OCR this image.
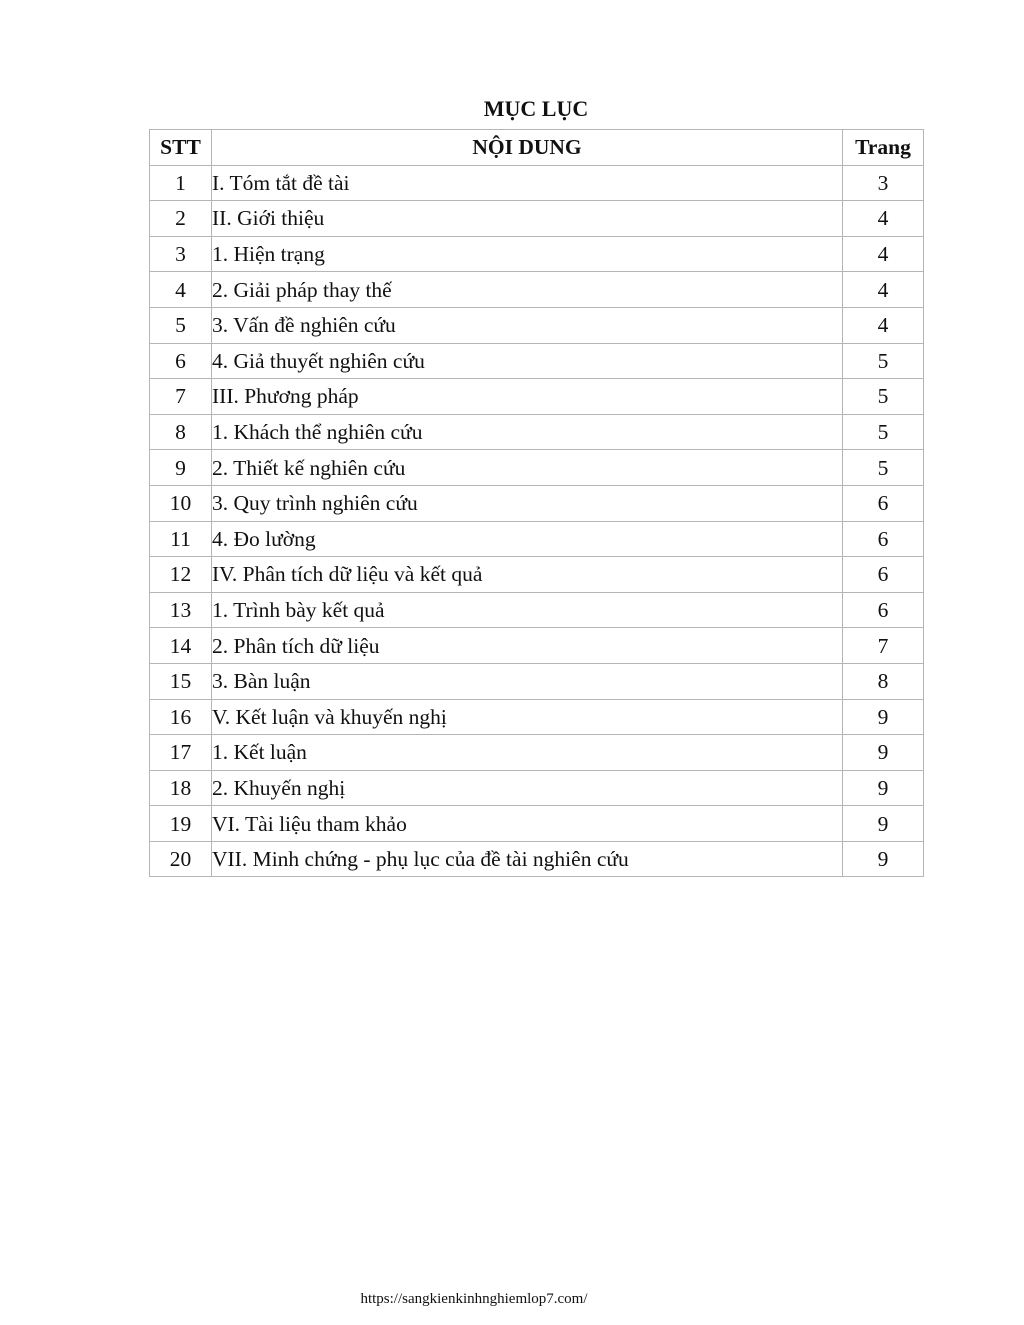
MỤC LỤC
STT	NỘI DUNG	Trang
1	I. Tóm tắt đề tài	3
2	II. Giới thiệu	4
3	1. Hiện trạng	4
4	2. Giải pháp thay thế	4
5	3. Vấn đề nghiên cứu	4
6	4. Giả thuyết nghiên cứu	5
7	III. Phương pháp	5
8	1. Khách thể nghiên cứu	5
9	2. Thiết kế nghiên cứu	5
10	3. Quy trình nghiên cứu	6
11	4. Đo lường	6
12	IV. Phân tích dữ liệu và kết quả	6
13	1. Trình bày kết quả	6
14	2. Phân tích dữ liệu	7
15	3. Bàn luận	8
16	V. Kết luận và khuyến nghị	9
17	1. Kết luận	9
18	2. Khuyến nghị	9
19	VI. Tài liệu tham khảo	9
20	VII. Minh chứng - phụ lục của đề tài nghiên cứu	9
https://sangkienkinhnghiemlop7.com/
